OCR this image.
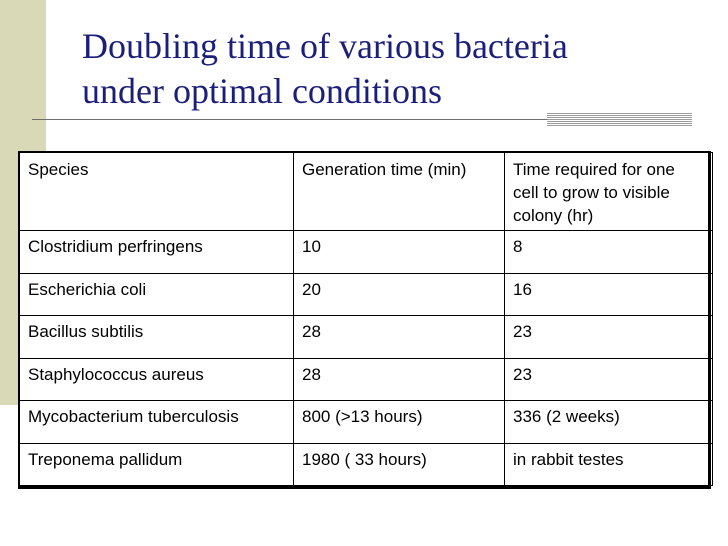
Doubling time of various bacteria
under optimal conditions
Species	Generation time (min)	Time required for one cell to grow to visible colony (hr)
Clostridium perfringens	10	8
Escherichia coli	20	16
Bacillus subtilis	28	23
Staphylococcus aureus	28	23
Mycobacterium tuberculosis	800 (>13 hours)	336 (2 weeks)
Treponema pallidum	1980 ( 33 hours)	in rabbit testes
